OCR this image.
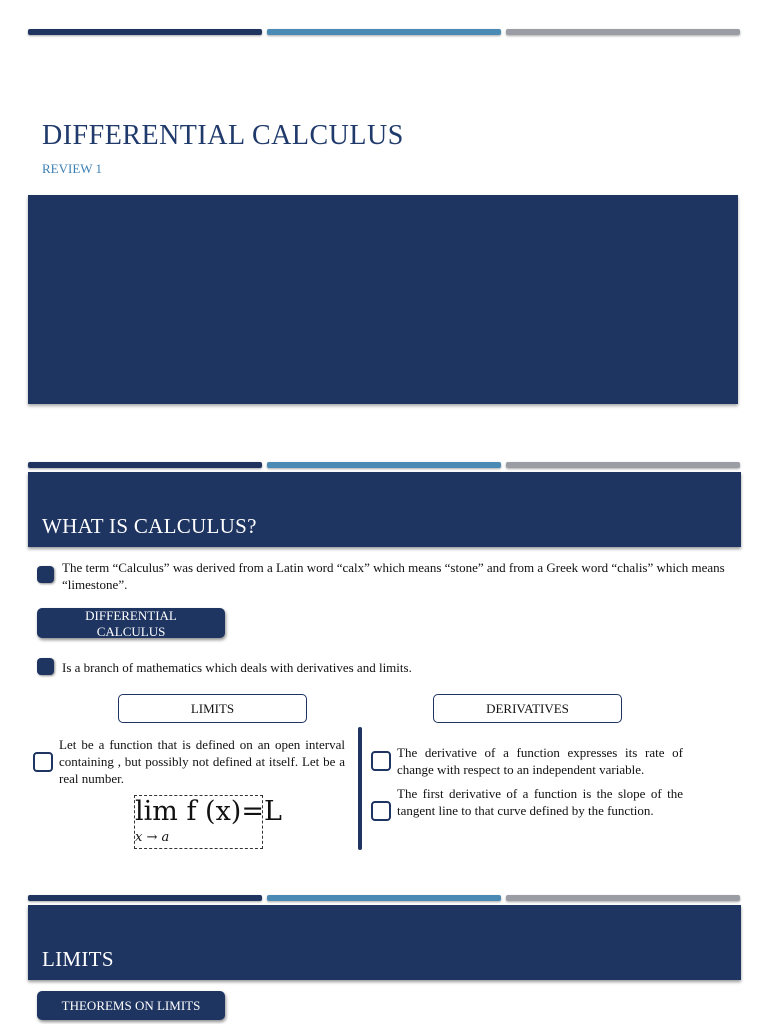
DIFFERENTIAL CALCULUS
REVIEW 1
WHAT IS CALCULUS?
The term “Calculus” was derived from a Latin word “calx” which means “stone” and from a Greek word “chalis” which means “limestone”.
DIFFERENTIAL CALCULUS
Is a branch of mathematics which deals with derivatives and limits.
LIMITS	DERIVATIVES
Let be a function that is defined on an open interval containing , but possibly not defined at itself. Let be a real number.
lim f (x)=L
x → a
The derivative of a function expresses its rate of change with respect to an independent variable.
The first derivative of a function is the slope of the tangent line to that curve defined by the function.
LIMITS
THEOREMS ON LIMITS
